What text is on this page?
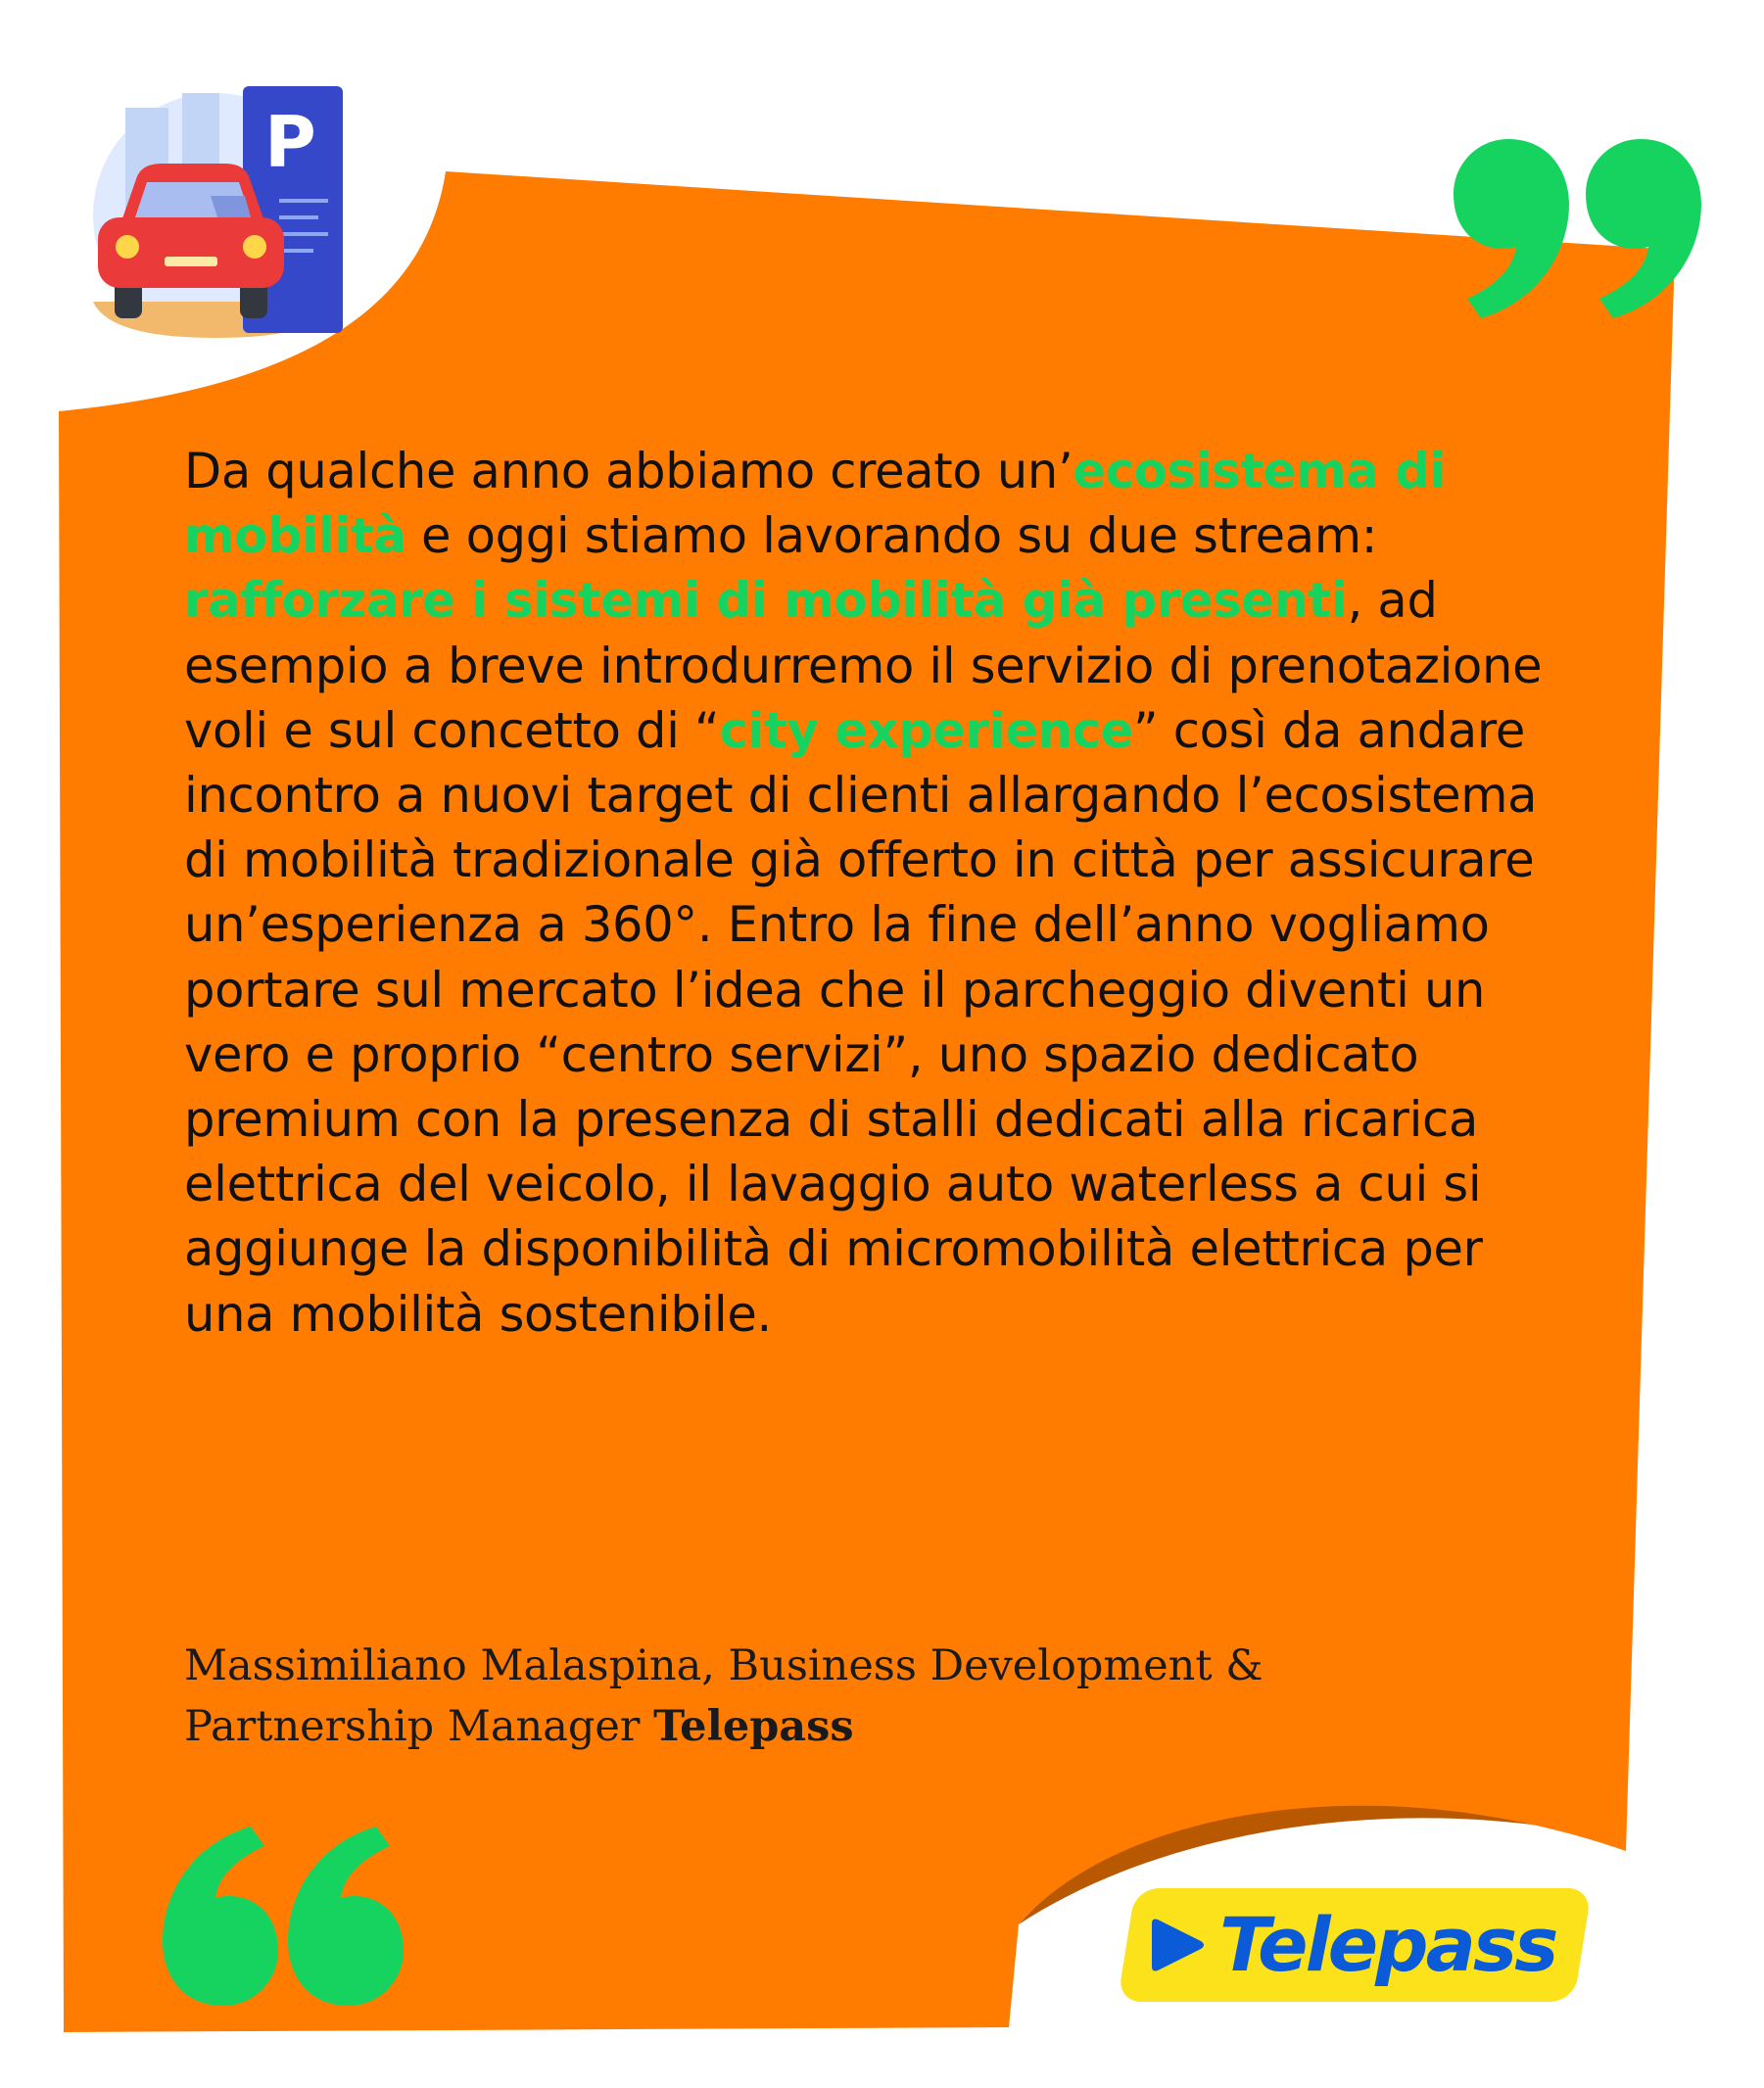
P

Da qualche anno abbiamo creato un’ecosistema di mobilità e oggi stiamo lavorando su due stream: rafforzare i sistemi di mobilità già presenti, ad esempio a breve introdurremo il servizio di prenotazione voli e sul concetto di “city experience” così da andare incontro a nuovi target di clienti allargando l’ecosistema di mobilità tradizionale già offerto in città per assicurare un’esperienza a 360°. Entro la fine dell’anno vogliamo portare sul mercato l’idea che il parcheggio diventi un vero e proprio “centro servizi”, uno spazio dedicato premium con la presenza di stalli dedicati alla ricarica elettrica del veicolo, il lavaggio auto waterless a cui si aggiunge la disponibilità di micromobilità elettrica per una mobilità sostenibile.

Massimiliano Malaspina, Business Development & Partnership Manager Telepass

Telepass
